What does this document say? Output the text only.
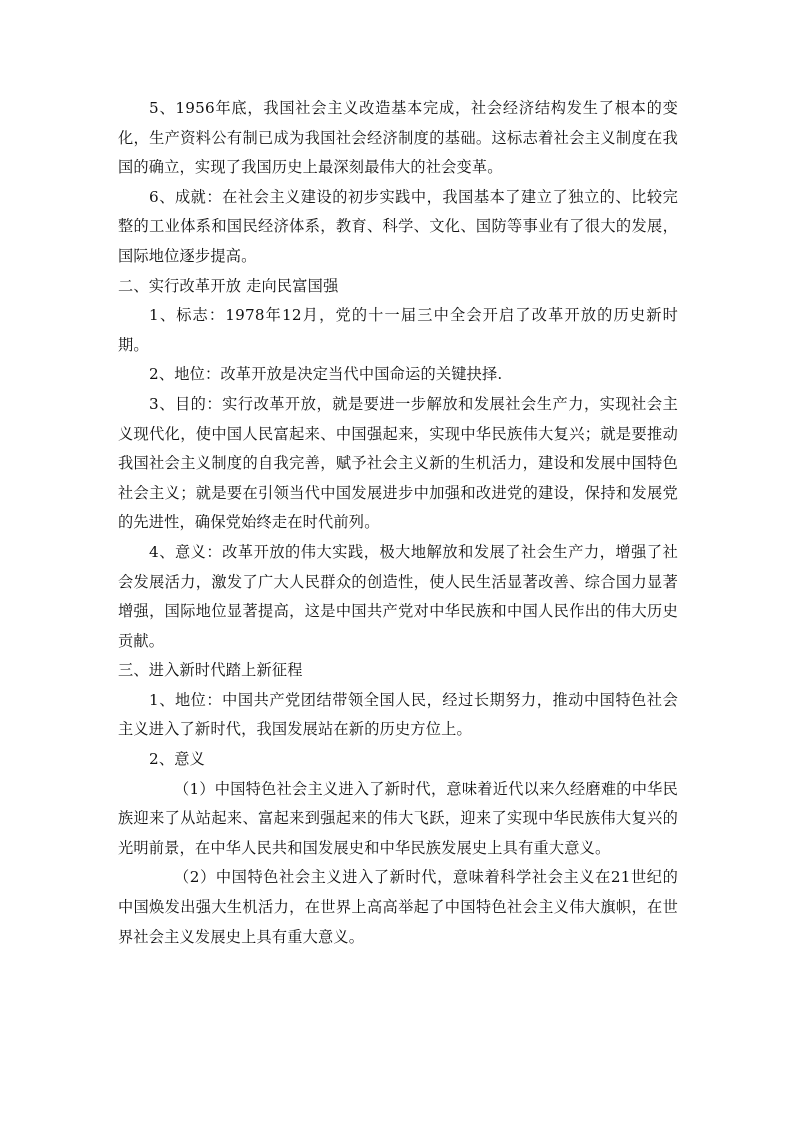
5、1956年底，我国社会主义改造基本完成，社会经济结构发生了根本的变化，生产资料公有制已成为我国社会经济制度的基础。这标志着社会主义制度在我国的确立，实现了我国历史上最深刻最伟大的社会变革。

6、成就：在社会主义建设的初步实践中，我国基本了建立了独立的、比较完整的工业体系和国民经济体系，教育、科学、文化、国防等事业有了很大的发展，国际地位逐步提高。

二、实行改革开放 走向民富国强

1、标志：1978年12月，党的十一届三中全会开启了改革开放的历史新时期。

2、地位：改革开放是决定当代中国命运的关键抉择.

3、目的：实行改革开放，就是要进一步解放和发展社会生产力，实现社会主义现代化，使中国人民富起来、中国强起来，实现中华民族伟大复兴；就是要推动我国社会主义制度的自我完善，赋予社会主义新的生机活力，建设和发展中国特色社会主义；就是要在引领当代中国发展进步中加强和改进党的建设，保持和发展党的先进性，确保党始终走在时代前列。

4、意义：改革开放的伟大实践，极大地解放和发展了社会生产力，增强了社会发展活力，激发了广大人民群众的创造性，使人民生活显著改善、综合国力显著增强，国际地位显著提高，这是中国共产党对中华民族和中国人民作出的伟大历史贡献。

三、进入新时代踏上新征程

1、地位：中国共产党团结带领全国人民，经过长期努力，推动中国特色社会主义进入了新时代，我国发展站在新的历史方位上。

2、意义

（1）中国特色社会主义进入了新时代，意味着近代以来久经磨难的中华民族迎来了从站起来、富起来到强起来的伟大飞跃，迎来了实现中华民族伟大复兴的光明前景，在中华人民共和国发展史和中华民族发展史上具有重大意义。

（2）中国特色社会主义进入了新时代，意味着科学社会主义在21世纪的中国焕发出强大生机活力，在世界上高高举起了中国特色社会主义伟大旗帜，在世界社会主义发展史上具有重大意义。
